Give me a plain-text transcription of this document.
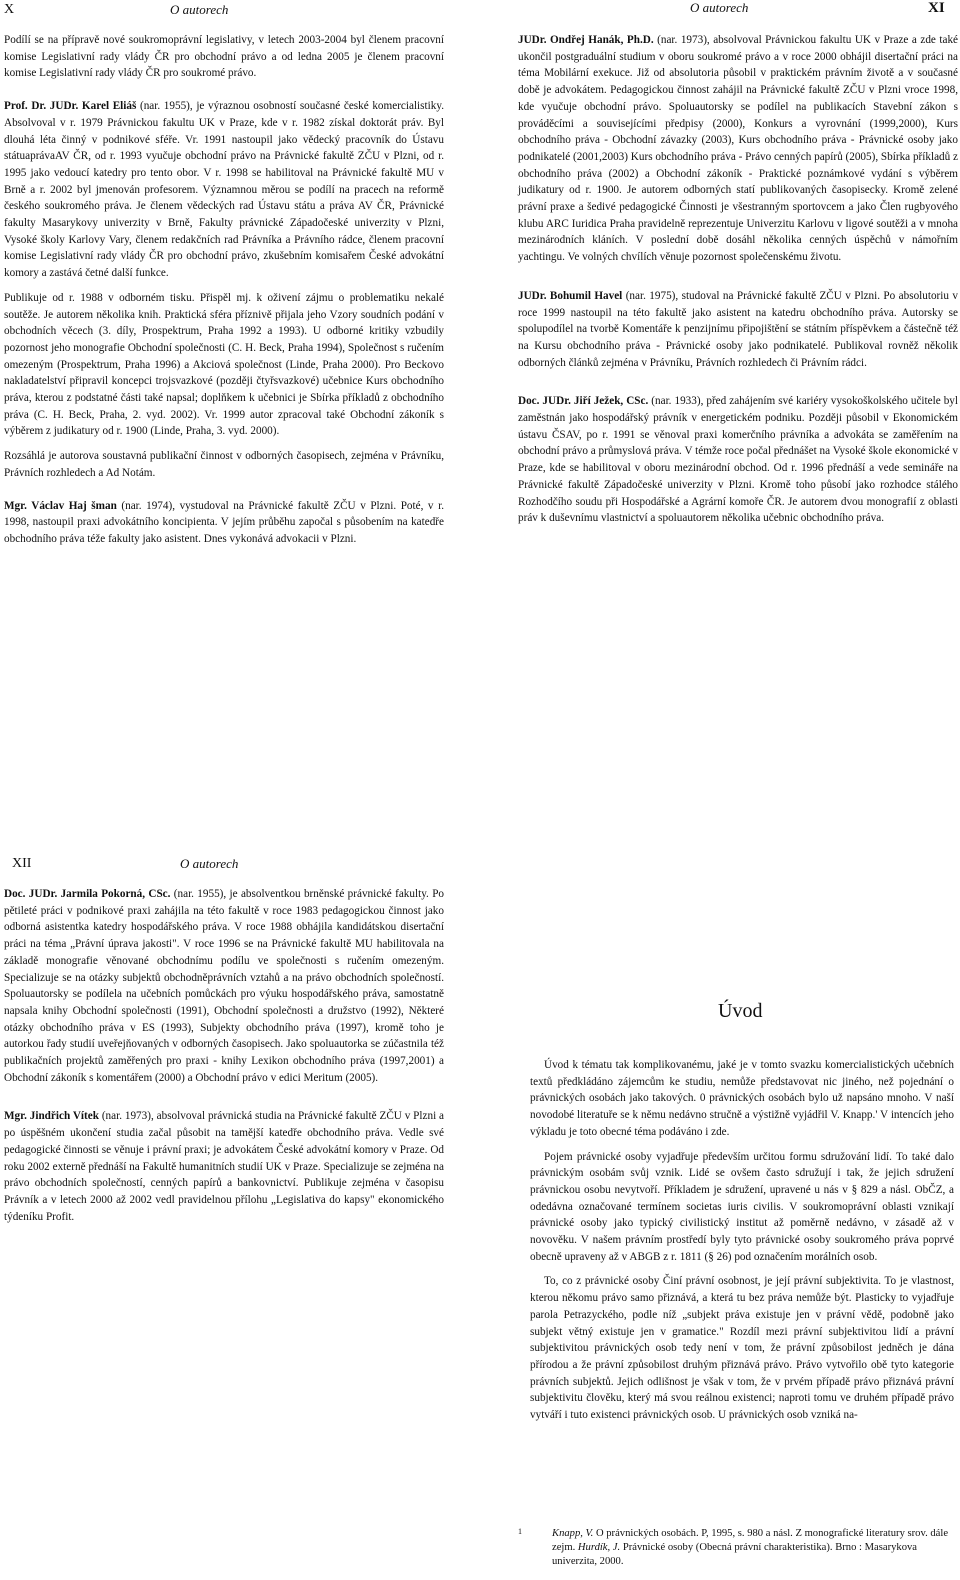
X	O autorech

Podílí se na přípravě nové soukromoprávní legislativy, v letech 2003-2004 byl členem pracovní komise Legislativní rady vlády ČR pro obchodní právo a od ledna 2005 je členem pracovní komise Legislativní rady vlády ČR pro soukromé právo.

Prof. Dr. JUDr. Karel Eliáš (nar. 1955), je výraznou osobností současné české komercialistiky. Absolvoval v r. 1979 Právnickou fakultu UK v Praze, kde v r. 1982 získal doktorát práv. Byl dlouhá léta činný v podnikové sféře. Vr. 1991 nastoupil jako vědecký pracovník do Ústavu státuaprávaAV ČR, od r. 1993 vyučuje obchodní právo na Právnické fakultě ZČU v Plzni, od r. 1995 jako vedoucí katedry pro tento obor. V r. 1998 se habilitoval na Právnické fakultě MU v Brně a r. 2002 byl jmenován profesorem. Významnou měrou se podílí na pracech na reformě českého soukromého práva. Je členem vědeckých rad Ústavu státu a práva AV ČR, Právnické fakulty Masarykovy univerzity v Brně, Fakulty právnické Západočeské univerzity v Plzni, Vysoké školy Karlovy Vary, členem redakčních rad Právníka a Právního rádce, členem pracovní komise Legislativní rady vlády ČR pro obchodní právo, zkušebním komisařem České advokátní komory a zastává četné další funkce.

Publikuje od r. 1988 v odborném tisku. Přispěl mj. k oživení zájmu o problematiku nekalé soutěže. Je autorem několika knih. Praktická sféra příznivě přijala jeho Vzory soudních podání v obchodních věcech (3. díly, Prospektrum, Praha 1992 a 1993). U odborné kritiky vzbudily pozornost jeho monografie Obchodní společnosti (C. H. Beck, Praha 1994), Společnost s ručením omezeným (Prospektrum, Praha 1996) a Akciová společnost (Linde, Praha 2000). Pro Beckovo nakladatelství připravil koncepci trojsvazkové (později čtyřsvazkové) učebnice Kurs obchodního práva, kterou z podstatné části také napsal; doplňkem k učebnici je Sbírka příkladů z obchodního práva (C. H. Beck, Praha, 2. vyd. 2002). Vr. 1999 autor zpracoval také Obchodní zákoník s výběrem z judikatury od r. 1900 (Linde, Praha, 3. vyd. 2000).

Rozsáhlá je autorova soustavná publikační činnost v odborných časopisech, zejména v Právníku, Právních rozhledech a Ad Notám.

Mgr. Václav Haj šman (nar. 1974), vystudoval na Právnické fakultě ZČU v Plzni. Poté, v r. 1998, nastoupil praxi advokátního koncipienta. V jejím průběhu započal s působením na katedře obchodního práva téže fakulty jako asistent. Dnes vykonává advokacii v Plzni.

O autorech	XI

JUDr. Ondřej Hanák, Ph.D. (nar. 1973), absolvoval Právnickou fakultu UK v Praze a zde také ukončil postgraduální studium v oboru soukromé právo a v roce 2000 obhájil disertační práci na téma Mobilární exekuce. Již od absolutoria působil v praktickém právním životě a v současné době je advokátem. Pedagogickou činnost zahájil na Právnické fakultě ZČU v Plzni vroce 1998, kde vyučuje obchodní právo. Spoluautorsky se podílel na publikacích Stavební zákon s prováděcími a souvisejícími předpisy (2000), Konkurs a vyrovnání (1999,2000), Kurs obchodního práva - Obchodní závazky (2003), Kurs obchodního práva - Právnické osoby jako podnikatelé (2001,2003) Kurs obchodního práva - Právo cenných papírů (2005), Sbírka příkladů z obchodního práva (2002) a Obchodní zákoník - Praktické poznámkové vydání s výběrem judikatury od r. 1900. Je autorem odborných statí publikovaných časopisecky. Kromě zelené právní praxe a šedivé pedagogické Činnosti je všestranným sportovcem a jako Člen rugbyového klubu ARC Iuridica Praha pravidelně reprezentuje Univerzitu Karlovu v ligové soutěži a v mnoha mezinárodních kláních. V poslední době dosáhl několika cenných úspěchů v námořním yachtingu. Ve volných chvílích věnuje pozornost společenskému životu.

JUDr. Bohumil Havel (nar. 1975), studoval na Právnické fakultě ZČU v Plzni. Po absolutoriu v roce 1999 nastoupil na této fakultě jako asistent na katedru obchodního práva. Autorsky se spolupodílel na tvorbě Komentáře k penzijnímu připojištění se státním příspěvkem a částečně též na Kursu obchodního práva - Právnické osoby jako podnikatelé. Publikoval rovněž několik odborných článků zejména v Právníku, Právních rozhledech či Právním rádci.

Doc. JUDr. Jiří Ježek, CSc. (nar. 1933), před zahájením své kariéry vysokoškolského učitele byl zaměstnán jako hospodářský právník v energetickém podniku. Později působil v Ekonomickém ústavu ČSAV, po r. 1991 se věnoval praxi komerčního právníka a advokáta se zaměřením na obchodní právo a průmyslová práva. V témže roce počal přednášet na Vysoké škole ekonomické v Praze, kde se habilitoval v oboru mezinárodní obchod. Od r. 1996 přednáší a vede semináře na Právnické fakultě Západočeské univerzity v Plzni. Kromě toho působí jako rozhodce stálého Rozhodčího soudu při Hospodářské a Agrární komoře ČR. Je autorem dvou monografií z oblasti práv k duševnímu vlastnictví a spoluautorem několika učebnic obchodního práva.

XII	O autorech

Doc. JUDr. Jarmila Pokorná, CSc. (nar. 1955), je absolventkou brněnské právnické fakulty. Po pětileté práci v podnikové praxi zahájila na této fakultě v roce 1983 pedagogickou činnost jako odborná asistentka katedry hospodářského práva. V roce 1988 obhájila kandidátskou disertační práci na téma „Právní úprava jakosti". V roce 1996 se na Právnické fakultě MU habilitovala na základě monografie věnované obchodnímu podílu ve společnosti s ručením omezeným. Specializuje se na otázky subjektů obchodněprávních vztahů a na právo obchodních společností. Spoluautorsky se podílela na učebních pomůckách pro výuku hospodářského práva, samostatně napsala knihy Obchodní společnosti (1991), Obchodní společnosti a družstvo (1992), Některé otázky obchodního práva v ES (1993), Subjekty obchodního práva (1997), kromě toho je autorkou řady studií uveřejňovaných v odborných časopisech. Jako spoluautorka se zúčastnila též publikačních projektů zaměřených pro praxi - knihy Lexikon obchodního práva (1997,2001) a Obchodní zákoník s komentářem (2000) a Obchodní právo v edici Meritum (2005).

Mgr. Jindřich Vítek (nar. 1973), absolvoval právnická studia na Právnické fakultě ZČU v Plzni a po úspěšném ukončení studia začal působit na tamější katedře obchodního práva. Vedle své pedagogické činnosti se věnuje i právní praxi; je advokátem České advokátní komory v Praze. Od roku 2002 externě přednáší na Fakultě humanitních studií UK v Praze. Specializuje se zejména na právo obchodních společností, cenných papírů a bankovnictví. Publikuje zejména v časopisu Právník a v letech 2000 až 2002 vedl pravidelnou přílohu „Legislativa do kapsy" ekonomického týdeníku Profit.

Úvod

Úvod k tématu tak komplikovanému, jaké je v tomto svazku komercialistických učebních textů předkládáno zájemcům ke studiu, nemůže představovat nic jiného, než pojednání o právnických osobách jako takových. 0 právnických osobách bylo už napsáno mnoho. V naší novodobé literatuře se k němu nedávno stručně a výstižně vyjádřil V. Knapp.' V intencích jeho výkladu je toto obecné téma podáváno i zde.

Pojem právnické osoby vyjadřuje především určitou formu sdružování lidí. To také dalo právnickým osobám svůj vznik. Lidé se ovšem často sdružují i tak, že jejich sdružení právnickou osobu nevytvoří. Příkladem je sdružení, upravené u nás v § 829 a násl. ObČZ, a odedávna označované termínem societas iuris civilis. V soukromoprávní oblasti vznikají právnické osoby jako typický civilistický institut až poměrně nedávno, v zásadě až v novověku. V našem právním prostředí byly tyto právnické osoby soukromého práva poprvé obecně upraveny až v ABGB z r. 1811 (§ 26) pod označením morálních osob.

To, co z právnické osoby Činí právní osobnost, je její právní subjektivita. To je vlastnost, kterou někomu právo samo přiznává, a která tu bez práva nemůže být. Plasticky to vyjadřuje parola Petrazyckého, podle níž „subjekt práva existuje jen v právní vědě, podobně jako subjekt větný existuje jen v gramatice." Rozdíl mezi právní subjektivitou lidí a právní subjektivitou právnických osob tedy není v tom, že právní způsobilost jedněch je dána přírodou a že právní způsobilost druhým přiznává právo. Právo vytvořilo obě tyto kategorie právních subjektů. Jejich odlišnost je však v tom, že v prvém případě právo přiznává právní subjektivitu člověku, který má svou reálnou existenci; naproti tomu ve druhém případě právo vytváří i tuto existenci právnických osob. U právnických osob vzniká na-

1	Knapp, V. O právnických osobách. P, 1995, s. 980 a násl. Z monografické literatury srov. dále zejm. Hurdík, J. Právnické osoby (Obecná právní charakteristika). Brno : Masarykova univerzita, 2000.
